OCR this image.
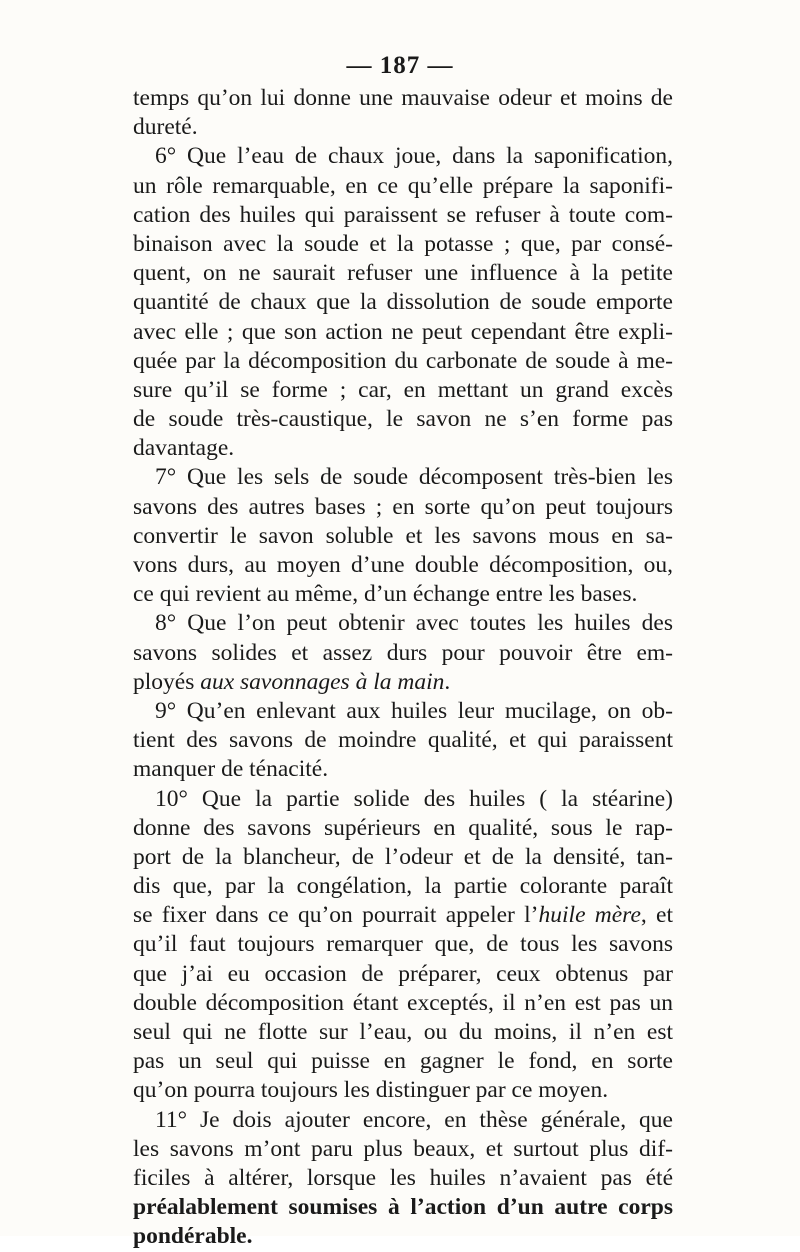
— 187 —
temps qu’on lui donne une mauvaise odeur et moins de
dureté.
6° Que l’eau de chaux joue, dans la saponification,
un rôle remarquable, en ce qu’elle prépare la saponifi-
cation des huiles qui paraissent se refuser à toute com-
binaison avec la soude et la potasse ; que, par consé-
quent, on ne saurait refuser une influence à la petite
quantité de chaux que la dissolution de soude emporte
avec elle ; que son action ne peut cependant être expli-
quée par la décomposition du carbonate de soude à me-
sure qu’il se forme ; car, en mettant un grand excès
de soude très-caustique, le savon ne s’en forme pas
davantage.
7° Que les sels de soude décomposent très-bien les
savons des autres bases ; en sorte qu’on peut toujours
convertir le savon soluble et les savons mous en sa-
vons durs, au moyen d’une double décomposition, ou,
ce qui revient au même, d’un échange entre les bases.
8° Que l’on peut obtenir avec toutes les huiles des
savons solides et assez durs pour pouvoir être em-
ployés aux savonnages à la main.
9° Qu’en enlevant aux huiles leur mucilage, on ob-
tient des savons de moindre qualité, et qui paraissent
manquer de ténacité.
10° Que la partie solide des huiles ( la stéarine)
donne des savons supérieurs en qualité, sous le rap-
port de la blancheur, de l’odeur et de la densité, tan-
dis que, par la congélation, la partie colorante paraît
se fixer dans ce qu’on pourrait appeler l’huile mère, et
qu’il faut toujours remarquer que, de tous les savons
que j’ai eu occasion de préparer, ceux obtenus par
double décomposition étant exceptés, il n’en est pas un
seul qui ne flotte sur l’eau, ou du moins, il n’en est
pas un seul qui puisse en gagner le fond, en sorte
qu’on pourra toujours les distinguer par ce moyen.
11° Je dois ajouter encore, en thèse générale, que
les savons m’ont paru plus beaux, et surtout plus dif-
ficiles à altérer, lorsque les huiles n’avaient pas été
préalablement soumises à l’action d’un autre corps
pondérable.
